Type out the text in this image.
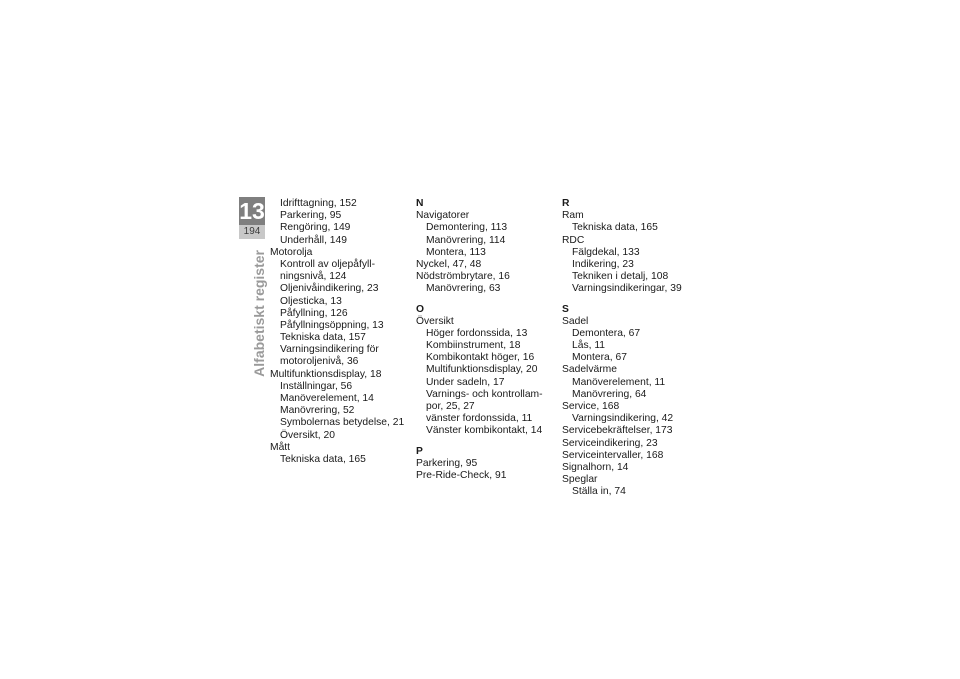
13
194
Alfabetiskt register
Idrifttagning, 152
Parkering, 95
Rengöring, 149
Underhåll, 149
Motorolja
Kontroll av oljepåfyll-
ningsnivå, 124
Oljenivåindikering, 23
Oljesticka, 13
Påfyllning, 126
Påfyllningsöppning, 13
Tekniska data, 157
Varningsindikering för
motoroljenivå, 36
Multifunktionsdisplay, 18
Inställningar, 56
Manöverelement, 14
Manövrering, 52
Symbolernas betydelse, 21
Översikt, 20
Mått
Tekniska data, 165
N
Navigatorer
Demontering, 113
Manövrering, 114
Montera, 113
Nyckel, 47, 48
Nödströmbrytare, 16
Manövrering, 63
O
Översikt
Höger fordonssida, 13
Kombiinstrument, 18
Kombikontakt höger, 16
Multifunktionsdisplay, 20
Under sadeln, 17
Varnings- och kontrollam-
por, 25, 27
vänster fordonssida, 11
Vänster kombikontakt, 14
P
Parkering, 95
Pre-Ride-Check, 91
R
Ram
Tekniska data, 165
RDC
Fälgdekal, 133
Indikering, 23
Tekniken i detalj, 108
Varningsindikeringar, 39
S
Sadel
Demontera, 67
Lås, 11
Montera, 67
Sadelvärme
Manöverelement, 11
Manövrering, 64
Service, 168
Varningsindikering, 42
Servicebekräftelser, 173
Serviceindikering, 23
Serviceintervaller, 168
Signalhorn, 14
Speglar
Ställa in, 74
